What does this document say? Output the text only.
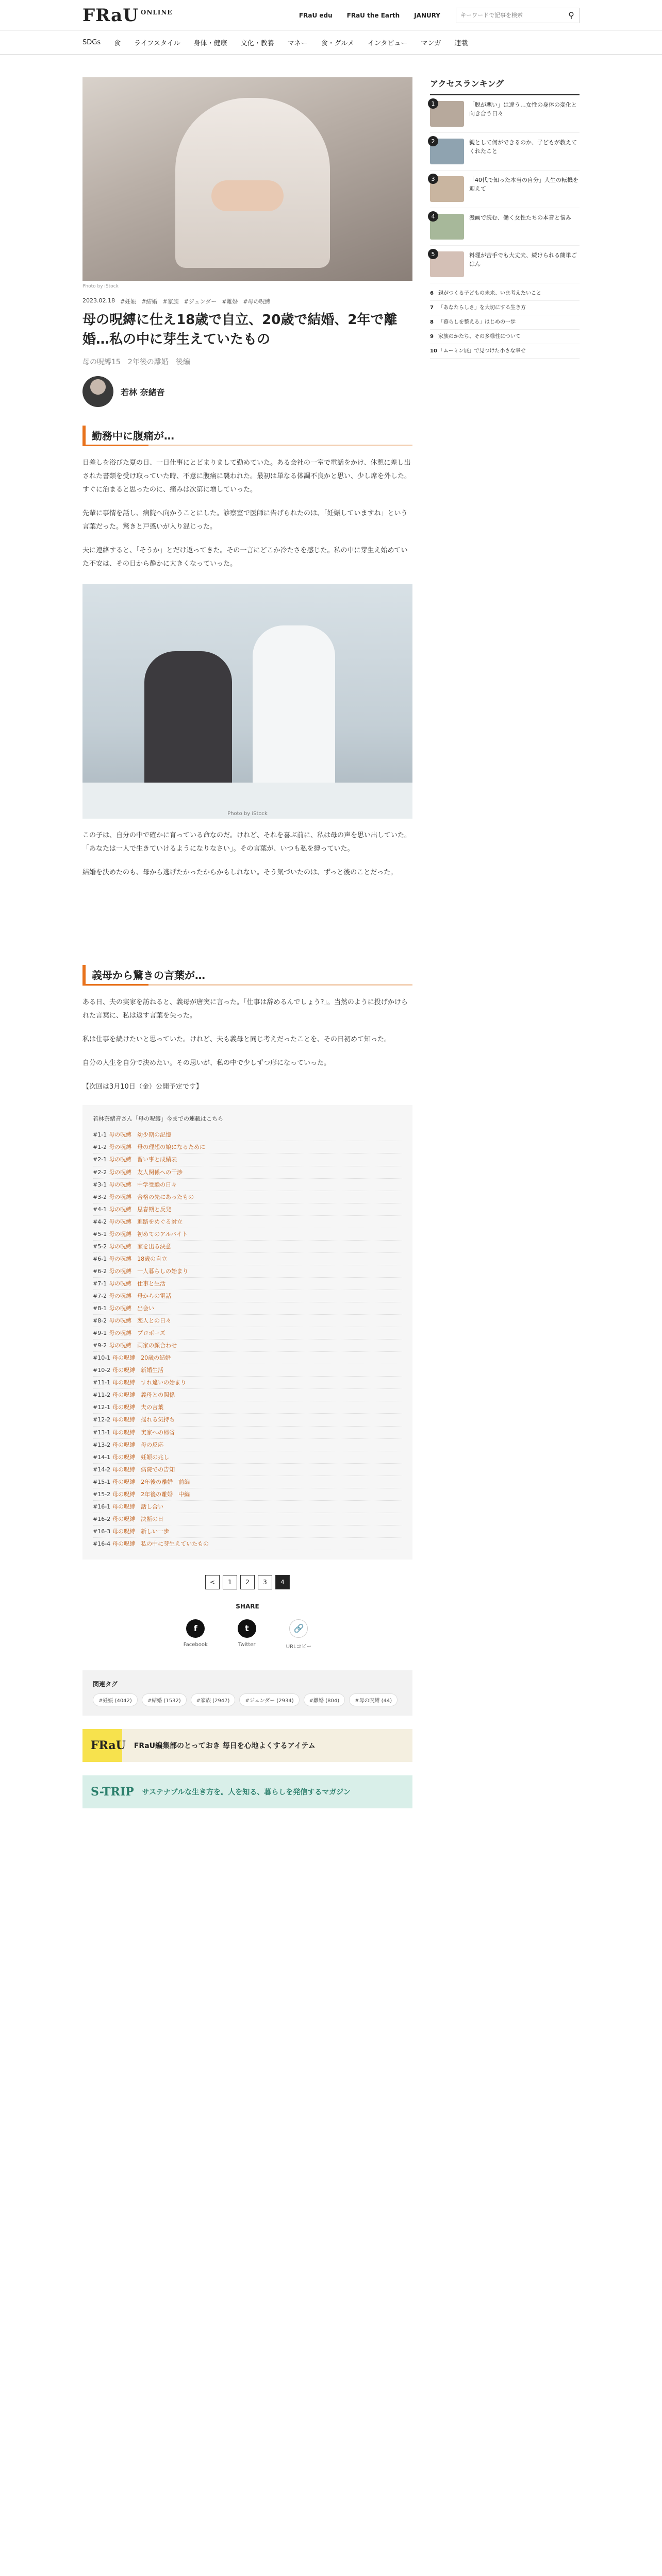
FRaU $^{ONLINE}$	FRaU edu FRaU the Earth JANURY
キーワードで記事を検索	⚲
SDGs 食 ライフスタイル 身体・健康 文化・教養 マネー 食・グルメ インタビュー マンガ 連載
Photo by iStock
2023.02.18 #妊娠 #結婚 #家族 #ジェンダー #離婚 #母の呪縛
母の呪縛に仕え18歳で自立、20歳で結婚、2年で離婚…私の中に芽生えていたもの
母の呪縛15　2年後の離婚　後編
若林 奈緒音
勤務中に腹痛が…

日差しを浴びた夏の日、一日仕事にとどまりまして勤めていた。ある会社の一室で電話をかけ、休憩に差し出された書類を受け取っていた時、不意に腹痛に襲われた。最初は単なる体調不良かと思い、少し席を外した。すぐに治まると思ったのに、痛みは次第に増していった。

先輩に事情を話し、病院へ向かうことにした。診察室で医師に告げられたのは、「妊娠していますね」という言葉だった。驚きと戸惑いが入り混じった。

夫に連絡すると、「そうか」とだけ返ってきた。その一言にどこか冷たさを感じた。私の中に芽生え始めていた不安は、その日から静かに大きくなっていった。

Photo by iStock

この子は、自分の中で確かに育っている命なのだ。けれど、それを喜ぶ前に、私は母の声を思い出していた。「あなたは一人で生きていけるようになりなさい」。その言葉が、いつも私を縛っていた。

結婚を決めたのも、母から逃げたかったからかもしれない。そう気づいたのは、ずっと後のことだった。

義母から驚きの言葉が…

ある日、夫の実家を訪ねると、義母が唐突に言った。「仕事は辞めるんでしょう?」。当然のように投げかけられた言葉に、私は返す言葉を失った。

私は仕事を続けたいと思っていた。けれど、夫も義母と同じ考えだったことを、その日初めて知った。

自分の人生を自分で決めたい。その思いが、私の中で少しずつ形になっていった。

【次回は3月10日（金）公開予定です】

若林奈緒音さん「母の呪縛」今までの連載はこちら
#1-1 母の呪縛　幼少期の記憶
#1-2 母の呪縛　母の理想の娘になるために
#2-1 母の呪縛　習い事と成績表
#2-2 母の呪縛　友人関係への干渉
#3-1 母の呪縛　中学受験の日々
#3-2 母の呪縛　合格の先にあったもの
#4-1 母の呪縛　思春期と反発
#4-2 母の呪縛　進路をめぐる対立
#5-1 母の呪縛　初めてのアルバイト
#5-2 母の呪縛　家を出る決意
#6-1 母の呪縛　18歳の自立
#6-2 母の呪縛　一人暮らしの始まり
#7-1 母の呪縛　仕事と生活
#7-2 母の呪縛　母からの電話
#8-1 母の呪縛　出会い
#8-2 母の呪縛　恋人との日々
#9-1 母の呪縛　プロポーズ
#9-2 母の呪縛　両家の顔合わせ
#10-1 母の呪縛　20歳の結婚
#10-2 母の呪縛　新婚生活
#11-1 母の呪縛　すれ違いの始まり
#11-2 母の呪縛　義母との関係
#12-1 母の呪縛　夫の言葉
#12-2 母の呪縛　揺れる気持ち
#13-1 母の呪縛　実家への帰省
#13-2 母の呪縛　母の反応
#14-1 母の呪縛　妊娠の兆し
#14-2 母の呪縛　病院での告知
#15-1 母の呪縛　2年後の離婚　前編
#15-2 母の呪縛　2年後の離婚　中編
#16-1 母の呪縛　話し合い
#16-2 母の呪縛　決断の日
#16-3 母の呪縛　新しい一歩
#16-4 母の呪縛　私の中に芽生えていたもの
<	1	2	3	4
SHARE
f
Facebook
t
Twitter
🔗
URLコピー
関連タグ
#妊娠 (4042)	#結婚 (1532)	#家族 (2947)	#ジェンダー (2934)	#離婚 (804)	#母の呪縛 (44)
FRaU FRaU編集部のとっておき 毎日を心地よくするアイテム
S-TRIP サステナブルな生き方を。人を知る、暮らしを発信するマガジン
アクセスランキング
1	「脱が悪い」は違う…女性の身体の変化と向き合う日々
2	親として何ができるのか、子どもが教えてくれたこと
3	「40代で知った本当の自分」人生の転機を迎えて
4	漫画で読む、働く女性たちの本音と悩み
5	料理が苦手でも大丈夫、続けられる簡単ごはん
6 親がつくる子どもの未来、いま考えたいこと
7 「あなたらしさ」を大切にする生き方
8 「暮らしを整える」はじめの一歩
9 家族のかたち、その多様性について
10 「ムーミン展」で見つけた小さな幸せ
